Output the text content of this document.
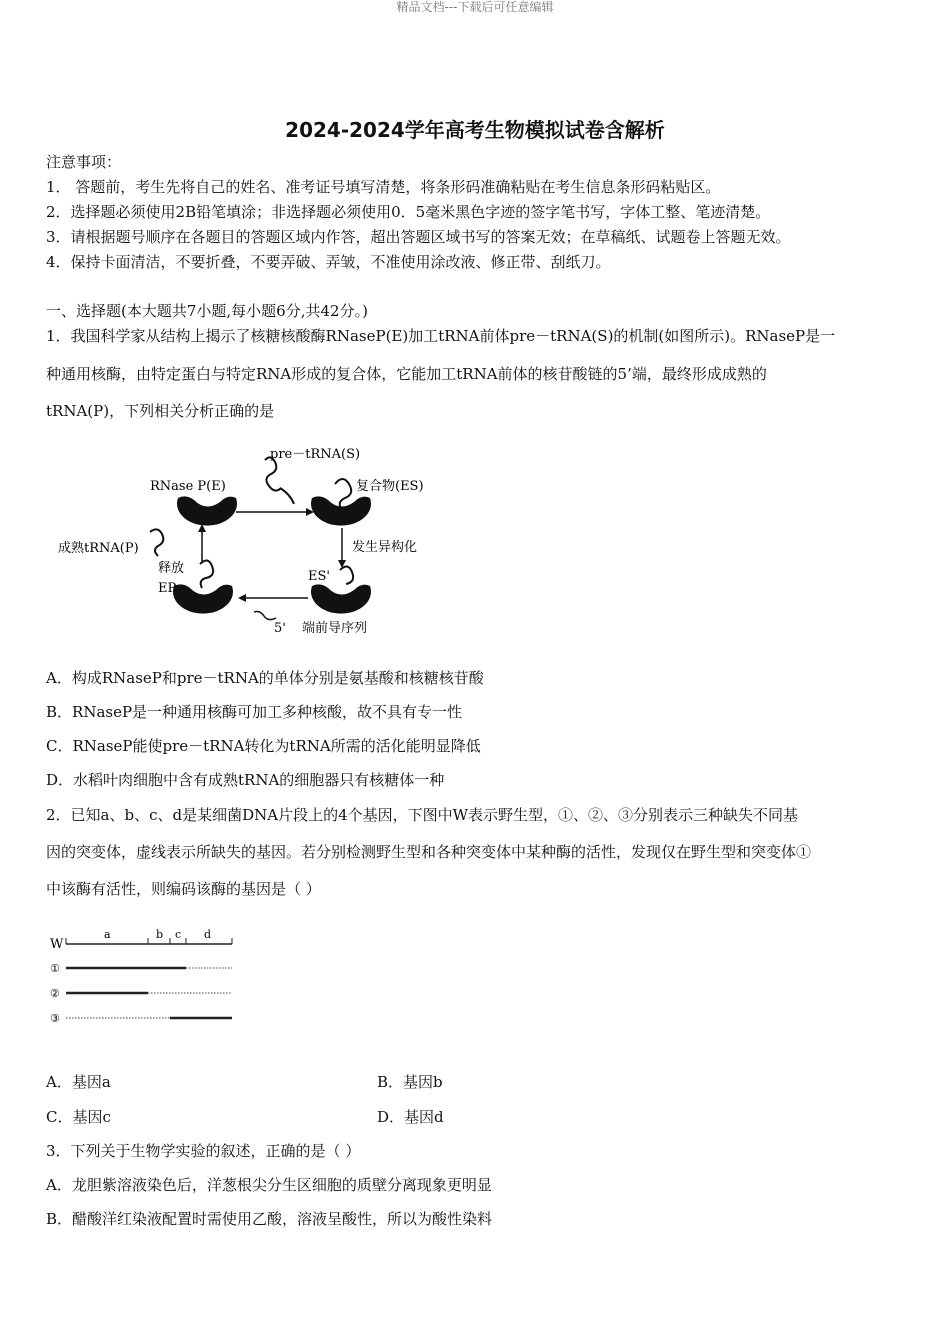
精品文档---下载后可任意编辑
2024-2024学年高考生物模拟试卷含解析
注意事项：
1． 答题前，考生先将自己的姓名、准考证号填写清楚，将条形码准确粘贴在考生信息条形码粘贴区。
2．选择题必须使用2B铅笔填涂；非选择题必须使用0．5毫米黑色字迹的签字笔书写，字体工整、笔迹清楚。
3．请根据题号顺序在各题目的答题区域内作答，超出答题区域书写的答案无效；在草稿纸、试题卷上答题无效。
4．保持卡面清洁，不要折叠，不要弄破、弄皱，不准使用涂改液、修正带、刮纸刀。
一、选择题(本大题共7小题,每小题6分,共42分。)
1．我国科学家从结构上揭示了核糖核酸酶RNaseP(E)加工tRNA前体pre－tRNA(S)的机制(如图所示)。RNaseP是一
种通用核酶，由特定蛋白与特定RNA形成的复合体，它能加工tRNA前体的核苷酸链的5’端，最终形成成熟的
tRNA(P)，下列相关分析正确的是
pre－tRNA(S)
RNase P(E)	复合物(ES)
发生异构化
ES'
5' 端前导序列
释放
EP
成熟tRNA(P)
A．构成RNaseP和pre－tRNA的单体分别是氨基酸和核糖核苷酸
B．RNaseP是一种通用核酶可加工多种核酸，故不具有专一性
C．RNaseP能使pre－tRNA转化为tRNA所需的活化能明显降低
D．水稻叶肉细胞中含有成熟tRNA的细胞器只有核糖体一种
2．已知a、b、c、d是某细菌DNA片段上的4个基因，下图中W表示野生型，①、②、③分别表示三种缺失不同基
因的突变体，虚线表示所缺失的基因。若分别检测野生型和各种突变体中某种酶的活性，发现仅在野生型和突变体①
中该酶有活性，则编码该酶的基因是（ ）
W
a	b c d
①
②
③
A．基因a	B．基因b
C．基因c	D．基因d
3．下列关于生物学实验的叙述，正确的是（ ）
A．龙胆紫溶液染色后，洋葱根尖分生区细胞的质壁分离现象更明显
B．醋酸洋红染液配置时需使用乙酸，溶液呈酸性，所以为酸性染料
